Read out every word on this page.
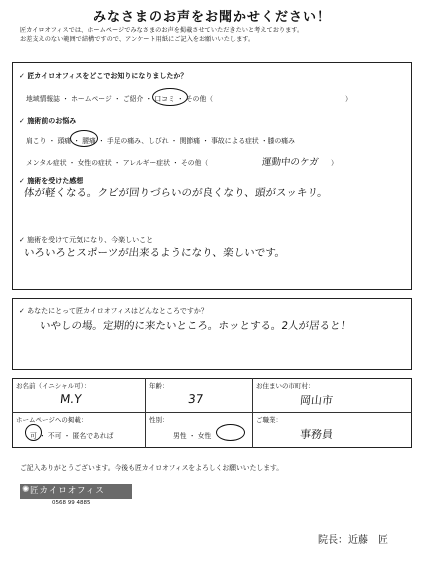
みなさまのお声をお聞かせください！
匠カイロオフィスでは、ホームページでみなさまのお声を掲載させていただきたいと考えております。
お差支えのない範囲で結構ですので、アンケート用紙にご記入をお願いいたします。
✓ 匠カイロオフィスをどこでお知りになりましたか？
地域情報誌 ・ ホームページ ・ ご紹介 ・ 口コミ ・ その他（	）
✓ 施術前のお悩み
肩こり ・ 頭痛 ・ 腰痛 ・ 手足の痛み、しびれ ・ 関節痛 ・ 事故による症状 ・膝の痛み
メンタル症状 ・ 女性の症状 ・ アレルギー症状 ・ その他（	運動中のケガ ）
✓ 施術を受けた感想
体が軽くなる。クビが回りづらいのが良くなり、頭がスッキリ。
✓ 施術を受けて元気になり、今楽しいこと
いろいろとスポーツが出来るようになり、楽しいです。
✓ あなたにとって匠カイロオフィスはどんなところですか？
いやしの場。定期的に来たいところ。ホッとする。2人が居ると！
お名前（イニシャル可）：
M.Y
年齢：
37
お住まいの市町村：
岡山市
ホームページへの掲載：
可 ・ 不可 ・ 匿名であれば
性別：
男性 ・ 女性
ご職業：
事務員
ご記入ありがとうございます。今後も匠カイロオフィスをよろしくお願いいたします。
✺ 匠カイロオフィス
0568 99 4885
院長：近藤　匠
